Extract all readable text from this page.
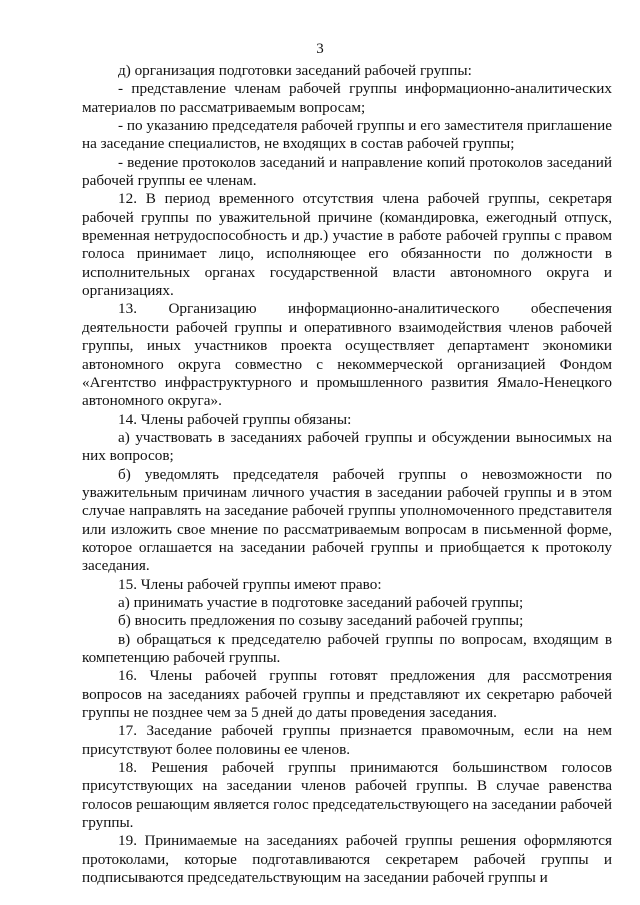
3

д) организация подготовки заседаний рабочей группы:

- представление членам рабочей группы информационно-аналитических материалов по рассматриваемым вопросам;

- по указанию председателя рабочей группы и его заместителя приглашение на заседание специалистов, не входящих в состав рабочей группы;

- ведение протоколов заседаний и направление копий протоколов заседаний рабочей группы ее членам.

12. В период временного отсутствия члена рабочей группы, секретаря рабочей группы по уважительной причине (командировка, ежегодный отпуск, временная нетрудоспособность и др.) участие в работе рабочей группы с правом голоса принимает лицо, исполняющее его обязанности по должности в исполнительных органах государственной власти автономного округа и организациях.

13. Организацию информационно-аналитического обеспечения деятельности рабочей группы и оперативного взаимодействия членов рабочей группы, иных участников проекта осуществляет департамент экономики автономного округа совместно с некоммерческой организацией Фондом «Агентство инфраструктурного и промышленного развития Ямало-Ненецкого автономного округа».

14. Члены рабочей группы обязаны:

а) участвовать в заседаниях рабочей группы и обсуждении выносимых на них вопросов;

б) уведомлять председателя рабочей группы о невозможности по уважительным причинам личного участия в заседании рабочей группы и в этом случае направлять на заседание рабочей группы уполномоченного представителя или изложить свое мнение по рассматриваемым вопросам в письменной форме, которое оглашается на заседании рабочей группы и приобщается к протоколу заседания.

15. Члены рабочей группы имеют право:

а) принимать участие в подготовке заседаний рабочей группы;

б) вносить предложения по созыву заседаний рабочей группы;

в) обращаться к председателю рабочей группы по вопросам, входящим в компетенцию рабочей группы.

16. Члены рабочей группы готовят предложения для рассмотрения вопросов на заседаниях рабочей группы и представляют их секретарю рабочей группы не позднее чем за 5 дней до даты проведения заседания.

17. Заседание рабочей группы признается правомочным, если на нем присутствуют более половины ее членов.

18. Решения рабочей группы принимаются большинством голосов присутствующих на заседании членов рабочей группы. В случае равенства голосов решающим является голос председательствующего на заседании рабочей группы.

19. Принимаемые на заседаниях рабочей группы решения оформляются протоколами, которые подготавливаются секретарем рабочей группы и подписываются председательствующим на заседании рабочей группы и
